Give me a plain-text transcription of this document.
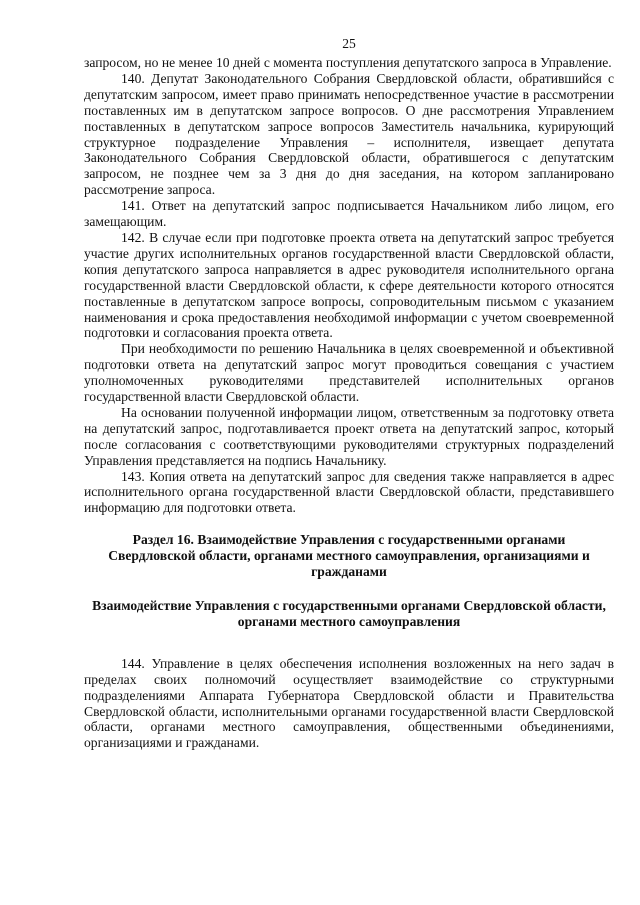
25

запросом, но не менее 10 дней с момента поступления депутатского запроса в Управление.

140. Депутат Законодательного Собрания Свердловской области, обратившийся с депутатским запросом, имеет право принимать непосредственное участие в рассмотрении поставленных им в депутатском запросе вопросов. О дне рассмотрения Управлением поставленных в депутатском запросе вопросов Заместитель начальника, курирующий структурное подразделение Управления – исполнителя, извещает депутата Законодательного Собрания Свердловской области, обратившегося с депутатским запросом, не позднее чем за 3 дня до дня заседания, на котором запланировано рассмотрение запроса.

141. Ответ на депутатский запрос подписывается Начальником либо лицом, его замещающим.

142. В случае если при подготовке проекта ответа на депутатский запрос требуется участие других исполнительных органов государственной власти Свердловской области, копия депутатского запроса направляется в адрес руководителя исполнительного органа государственной власти Свердловской области, к сфере деятельности которого относятся поставленные в депутатском запросе вопросы, сопроводительным письмом с указанием наименования и срока предоставления необходимой информации с учетом своевременной подготовки и согласования проекта ответа.

При необходимости по решению Начальника в целях своевременной и объективной подготовки ответа на депутатский запрос могут проводиться совещания с участием уполномоченных руководителями представителей исполнительных органов государственной власти Свердловской области.

На основании полученной информации лицом, ответственным за подготовку ответа на депутатский запрос, подготавливается проект ответа на депутатский запрос, который после согласования с соответствующими руководителями структурных подразделений Управления представляется на подпись Начальнику.

143. Копия ответа на депутатский запрос для сведения также направляется в адрес исполнительного органа государственной власти Свердловской области, представившего информацию для подготовки ответа.

Раздел 16. Взаимодействие Управления с государственными органами Свердловской области, органами местного самоуправления, организациями и гражданами
Взаимодействие Управления с государственными органами Свердловской области, органами местного самоуправления

144. Управление в целях обеспечения исполнения возложенных на него задач в пределах своих полномочий осуществляет взаимодействие со структурными подразделениями Аппарата Губернатора Свердловской области и Правительства Свердловской области, исполнительными органами государственной власти Свердловской области, органами местного самоуправления, общественными объединениями, организациями и гражданами.
